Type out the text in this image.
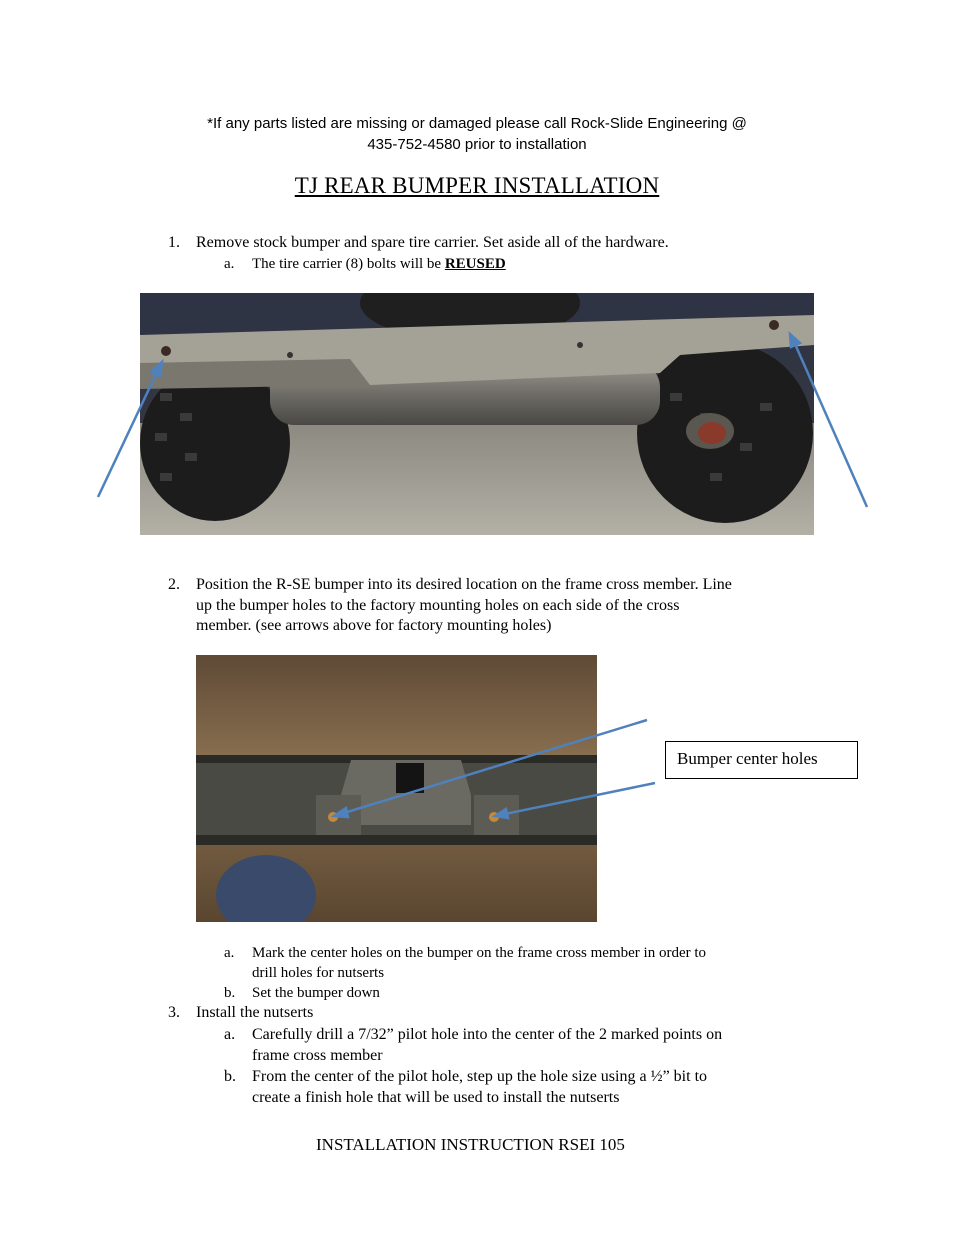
*If any parts listed are missing or damaged please call Rock-Slide Engineering @
435-752-4580 prior to installation
TJ REAR BUMPER INSTALLATION
1. Remove stock bumper and spare tire carrier. Set aside all of the hardware.
a. The tire carrier (8) bolts will be REUSED
2. Position the R-SE bumper into its desired location on the frame cross member. Line
up the bumper holes to the factory mounting holes on each side of the cross
member. (see arrows above for factory mounting holes)
Bumper center holes
a. Mark the center holes on the bumper on the frame cross member in order to
drill holes for nutserts
b. Set the bumper down
3. Install the nutserts
a. Carefully drill a 7/32” pilot hole into the center of the 2 marked points on
frame cross member
b. From the center of the pilot hole, step up the hole size using a ½” bit to
create a finish hole that will be used to install the nutserts
INSTALLATION INSTRUCTION RSEI 105
